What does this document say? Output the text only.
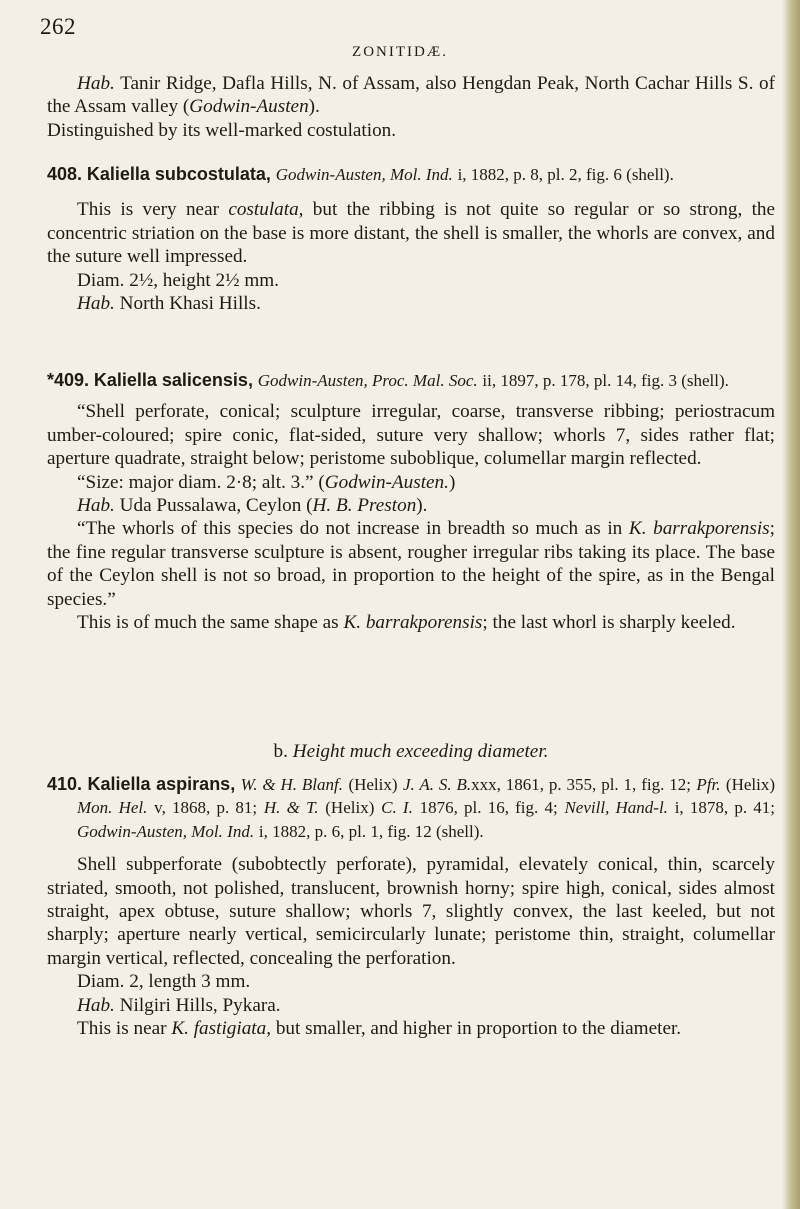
262
ZONITIDÆ.

Hab. Tanir Ridge, Dafla Hills, N. of Assam, also Hengdan Peak, North Cachar Hills S. of the Assam valley (Godwin-Austen).

Distinguished by its well-marked costulation.

408. Kaliella subcostulata, Godwin-Austen, Mol. Ind. i, 1882, p. 8, pl. 2, fig. 6 (shell).

This is very near costulata, but the ribbing is not quite so regular or so strong, the concentric striation on the base is more distant, the shell is smaller, the whorls are convex, and the suture well impressed.

Diam. 2½, height 2½ mm.

Hab. North Khasi Hills.

*409. Kaliella salicensis, Godwin-Austen, Proc. Mal. Soc. ii, 1897, p. 178, pl. 14, fig. 3 (shell).

“Shell perforate, conical; sculpture irregular, coarse, transverse ribbing; periostracum umber-coloured; spire conic, flat-sided, suture very shallow; whorls 7, sides rather flat; aperture quadrate, straight below; peristome suboblique, columellar margin reflected.

“Size: major diam. 2·8; alt. 3.” (Godwin-Austen.)

Hab. Uda Pussalawa, Ceylon (H. B. Preston).

“The whorls of this species do not increase in breadth so much as in K. barrakporensis; the fine regular transverse sculpture is absent, rougher irregular ribs taking its place. The base of the Ceylon shell is not so broad, in proportion to the height of the spire, as in the Bengal species.”

This is of much the same shape as K. barrakporensis; the last whorl is sharply keeled.

b. Height much exceeding diameter.

410. Kaliella aspirans, W. & H. Blanf. (Helix) J. A. S. B.xxx, 1861, p. 355, pl. 1, fig. 12; Pfr. (Helix) Mon. Hel. v, 1868, p. 81; H. & T. (Helix) C. I. 1876, pl. 16, fig. 4; Nevill, Hand-l. i, 1878, p. 41; Godwin-Austen, Mol. Ind. i, 1882, p. 6, pl. 1, fig. 12 (shell).

Shell subperforate (subobtectly perforate), pyramidal, elevately conical, thin, scarcely striated, smooth, not polished, translucent, brownish horny; spire high, conical, sides almost straight, apex obtuse, suture shallow; whorls 7, slightly convex, the last keeled, but not sharply; aperture nearly vertical, semicircularly lunate; peristome thin, straight, columellar margin vertical, reflected, concealing the perforation.

Diam. 2, length 3 mm.

Hab. Nilgiri Hills, Pykara.

This is near K. fastigiata, but smaller, and higher in proportion to the diameter.
